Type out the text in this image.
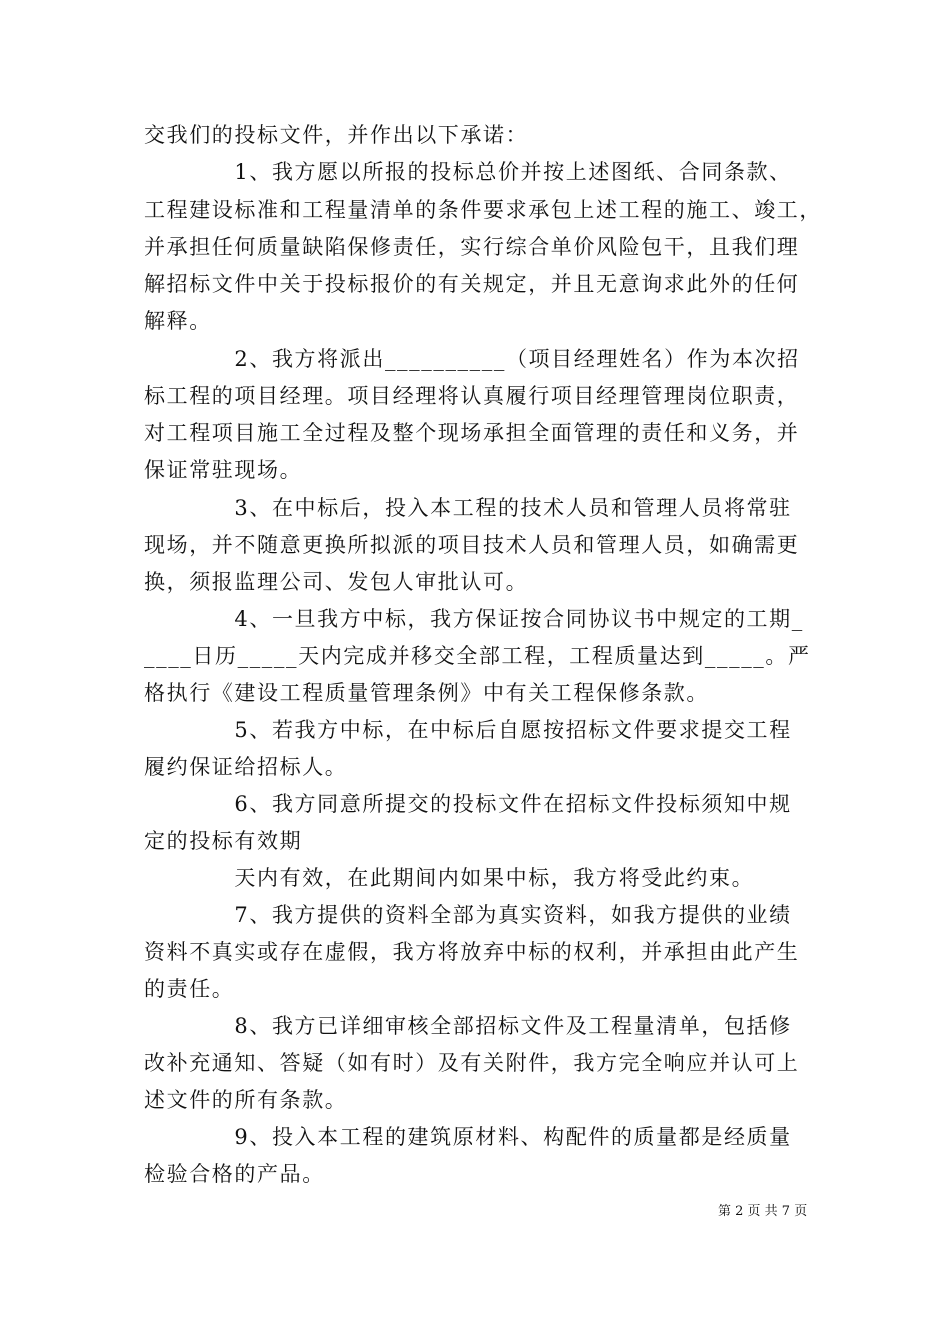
交我们的投标文件，并作出以下承诺：
　　　　1、我方愿以所报的投标总价并按上述图纸、合同条款、
工程建设标准和工程量清单的条件要求承包上述工程的施工、竣工，
并承担任何质量缺陷保修责任，实行综合单价风险包干，且我们理
解招标文件中关于投标报价的有关规定，并且无意询求此外的任何
解释。
　　　　2、我方将派出__________（项目经理姓名）作为本次招
标工程的项目经理。项目经理将认真履行项目经理管理岗位职责，
对工程项目施工全过程及整个现场承担全面管理的责任和义务，并
保证常驻现场。
　　　　3、在中标后，投入本工程的技术人员和管理人员将常驻
现场，并不随意更换所拟派的项目技术人员和管理人员，如确需更
换，须报监理公司、发包人审批认可。
　　　　4、一旦我方中标，我方保证按合同协议书中规定的工期_
____日历_____天内完成并移交全部工程，工程质量达到_____。严
格执行《建设工程质量管理条例》中有关工程保修条款。
　　　　5、若我方中标，在中标后自愿按招标文件要求提交工程
履约保证给招标人。
　　　　6、我方同意所提交的投标文件在招标文件投标须知中规
定的投标有效期
　　　　天内有效，在此期间内如果中标，我方将受此约束。
　　　　7、我方提供的资料全部为真实资料，如我方提供的业绩
资料不真实或存在虚假，我方将放弃中标的权利，并承担由此产生
的责任。
　　　　8、我方已详细审核全部招标文件及工程量清单，包括修
改补充通知、答疑（如有时）及有关附件，我方完全响应并认可上
述文件的所有条款。
　　　　9、投入本工程的建筑原材料、构配件的质量都是经质量
检验合格的产品。
第 2 页 共 7 页
